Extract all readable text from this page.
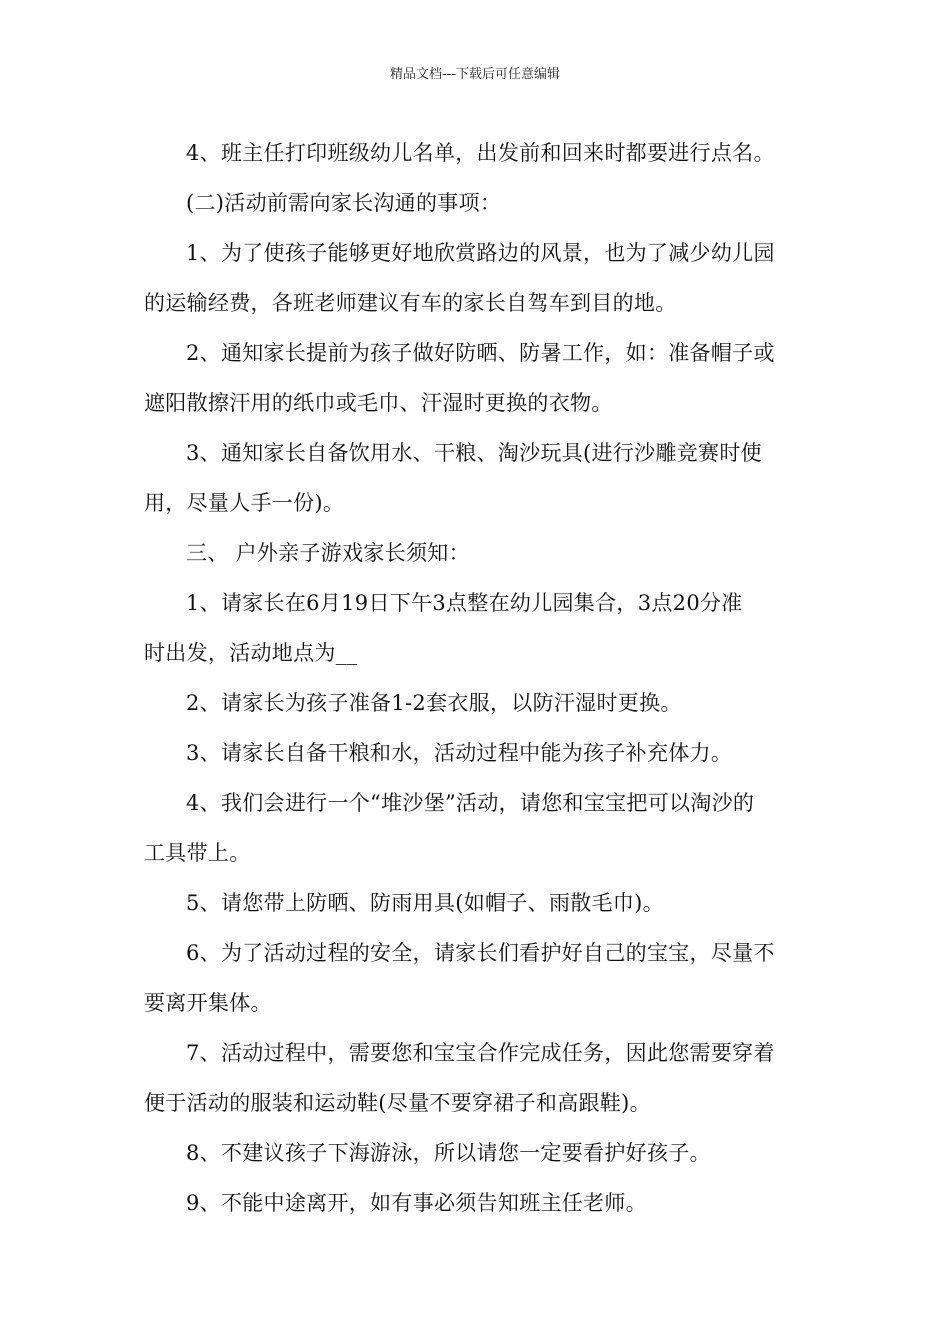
精品文档---下载后可任意编辑
4、班主任打印班级幼儿名单，出发前和回来时都要进行点名。
(二)活动前需向家长沟通的事项：
1、为了使孩子能够更好地欣赏路边的风景，也为了减少幼儿园
的运输经费，各班老师建议有车的家长自驾车到目的地。
2、通知家长提前为孩子做好防晒、防暑工作，如：准备帽子或
遮阳散擦汗用的纸巾或毛巾、汗湿时更换的衣物。
3、通知家长自备饮用水、干粮、淘沙玩具(进行沙雕竞赛时使
用，尽量人手一份)。
三、 户外亲子游戏家长须知：
1、请家长在6月19日下午3点整在幼儿园集合，3点20分准
时出发，活动地点为__
2、请家长为孩子准备1-2套衣服，以防汗湿时更换。
3、请家长自备干粮和水，活动过程中能为孩子补充体力。
4、我们会进行一个“堆沙堡”活动，请您和宝宝把可以淘沙的
工具带上。
5、请您带上防晒、防雨用具(如帽子、雨散毛巾)。
6、为了活动过程的安全，请家长们看护好自己的宝宝，尽量不
要离开集体。
7、活动过程中，需要您和宝宝合作完成任务，因此您需要穿着
便于活动的服装和运动鞋(尽量不要穿裙子和高跟鞋)。
8、不建议孩子下海游泳，所以请您一定要看护好孩子。
9、不能中途离开，如有事必须告知班主任老师。
